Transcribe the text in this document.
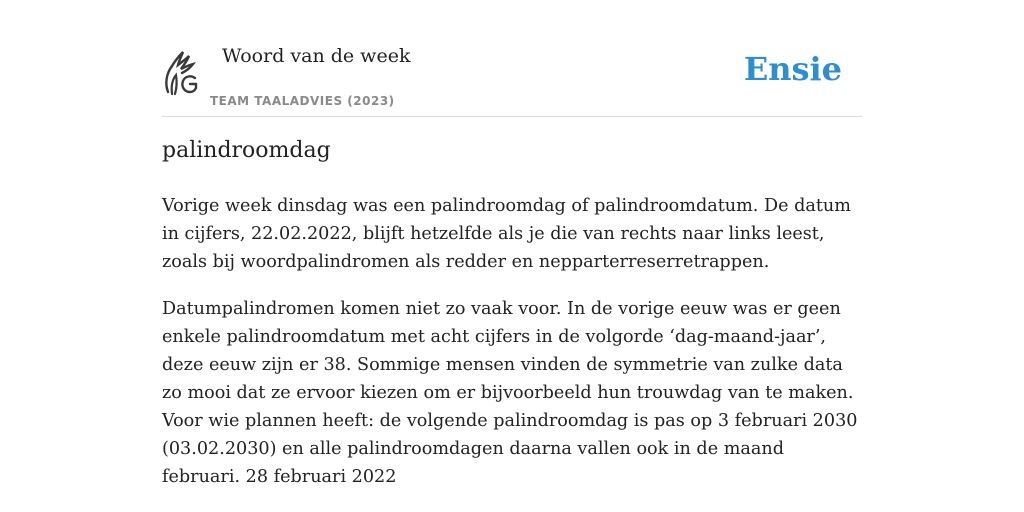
Woord van de week
TEAM TAALADVIES (2023)
Ensie
palindroomdag

Vorige week dinsdag was een palindroomdag of palindroomdatum. De datum in cijfers, 22.02.2022, blijft hetzelfde als je die van rechts naar links leest, zoals bij woordpalindromen als redder en nepparterreserretrappen.

Datumpalindromen komen niet zo vaak voor. In de vorige eeuw was er geen enkele palindroomdatum met acht cijfers in de volgorde ‘dag-maand-jaar’, deze eeuw zijn er 38. Sommige mensen vinden de symmetrie van zulke data zo mooi dat ze ervoor kiezen om er bijvoorbeeld hun trouwdag van te maken. Voor wie plannen heeft: de volgende palindroomdag is pas op 3 februari 2030 (03.02.2030) en alle palindroomdagen daarna vallen ook in de maand februari. 28 februari 2022
